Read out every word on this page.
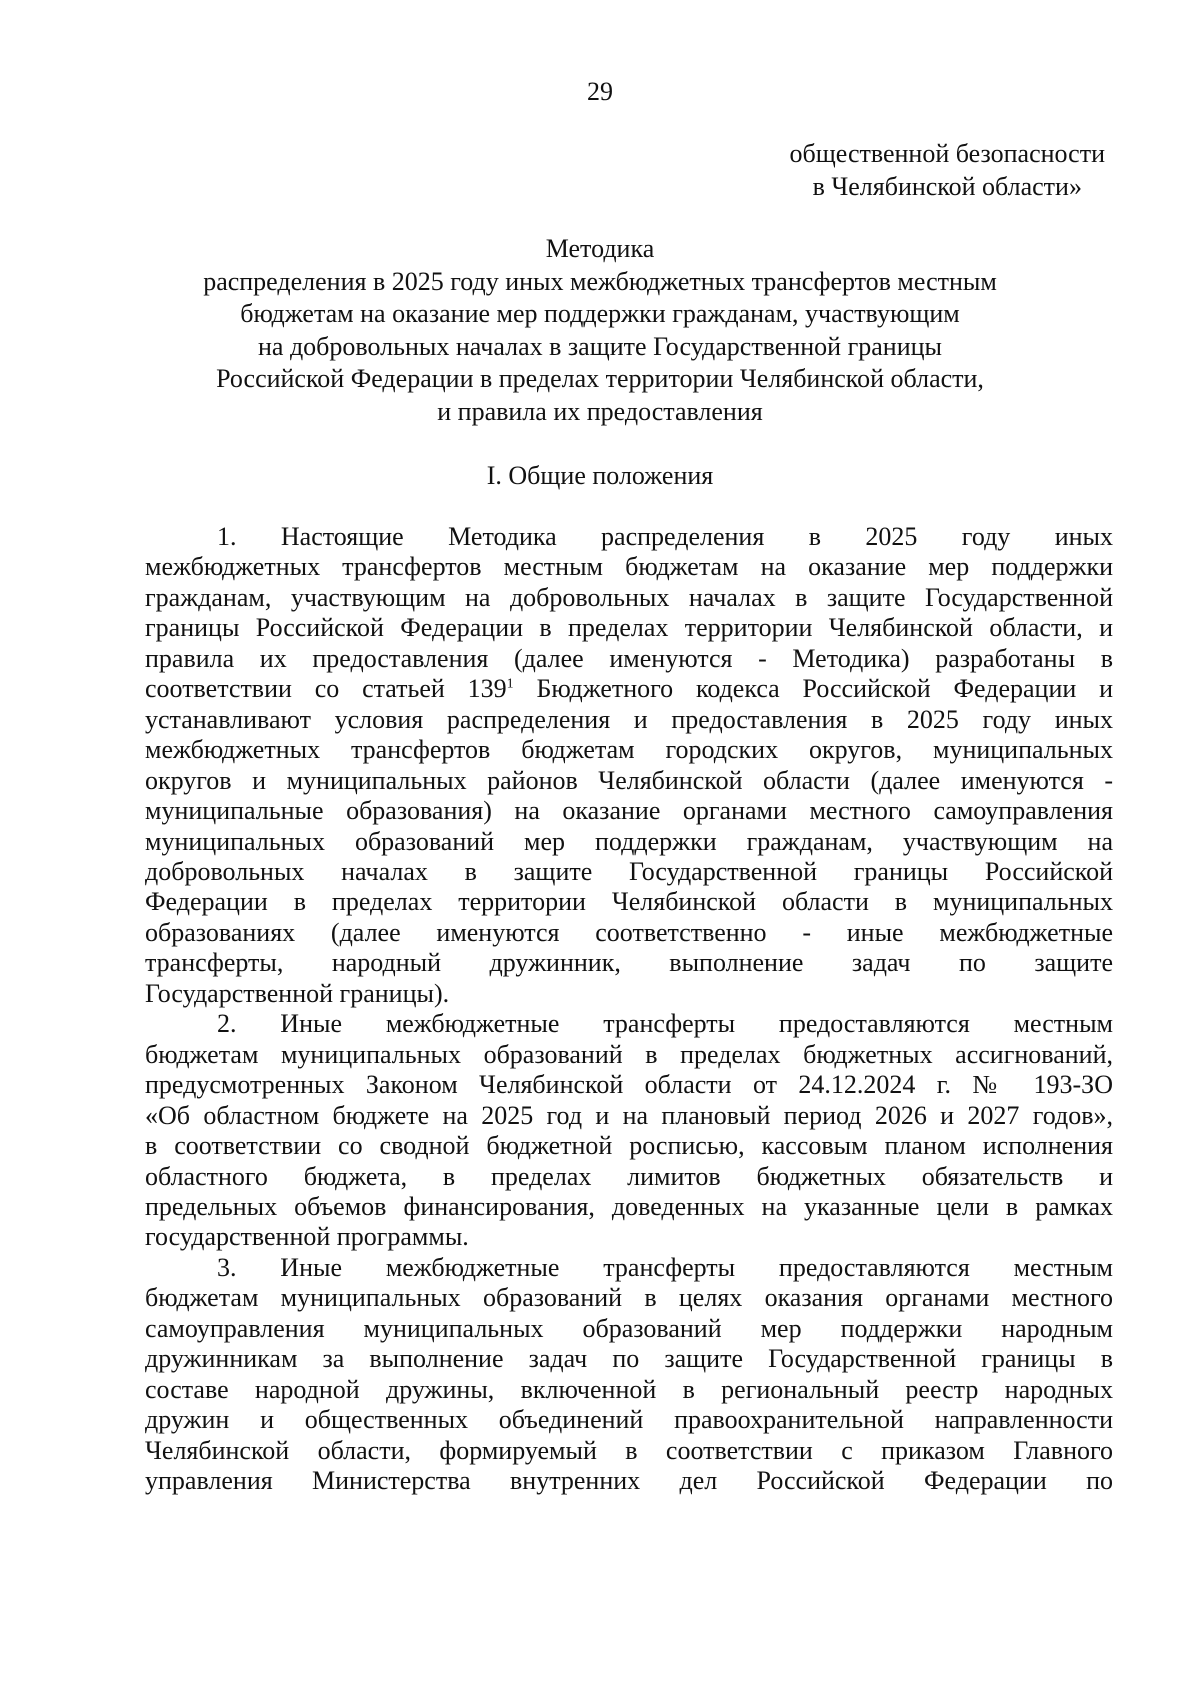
29
общественной безопасности
в Челябинской области»
Методика
распределения в 2025 году иных межбюджетных трансфертов местным
бюджетам на оказание мер поддержки гражданам, участвующим
на добровольных началах в защите Государственной границы
Российской Федерации в пределах территории Челябинской области,
и правила их предоставления
I. Общие положения
1. Настоящие Методика распределения в 2025 году иных
межбюджетных трансфертов местным бюджетам на оказание мер поддержки
гражданам, участвующим на добровольных началах в защите Государственной
границы Российской Федерации в пределах территории Челябинской области, и
правила их предоставления (далее именуются - Методика) разработаны в
соответствии со статьей $139^1$ Бюджетного кодекса Российской Федерации и
устанавливают условия распределения и предоставления в 2025 году иных
межбюджетных трансфертов бюджетам городских округов, муниципальных
округов и муниципальных районов Челябинской области (далее именуются -
муниципальные образования) на оказание органами местного самоуправления
муниципальных образований мер поддержки гражданам, участвующим на
добровольных началах в защите Государственной границы Российской
Федерации в пределах территории Челябинской области в муниципальных
образованиях (далее именуются соответственно - иные межбюджетные
трансферты, народный дружинник, выполнение задач по защите
Государственной границы).
2. Иные межбюджетные трансферты предоставляются местным
бюджетам муниципальных образований в пределах бюджетных ассигнований,
предусмотренных Законом Челябинской области от 24.12.2024 г. № 193-ЗО
«Об областном бюджете на 2025 год и на плановый период 2026 и 2027 годов»,
в соответствии со сводной бюджетной росписью, кассовым планом исполнения
областного бюджета, в пределах лимитов бюджетных обязательств и
предельных объемов финансирования, доведенных на указанные цели в рамках
государственной программы.
3. Иные межбюджетные трансферты предоставляются местным
бюджетам муниципальных образований в целях оказания органами местного
самоуправления муниципальных образований мер поддержки народным
дружинникам за выполнение задач по защите Государственной границы в
составе народной дружины, включенной в региональный реестр народных
дружин и общественных объединений правоохранительной направленности
Челябинской области, формируемый в соответствии с приказом Главного
управления Министерства внутренних дел Российской Федерации по
